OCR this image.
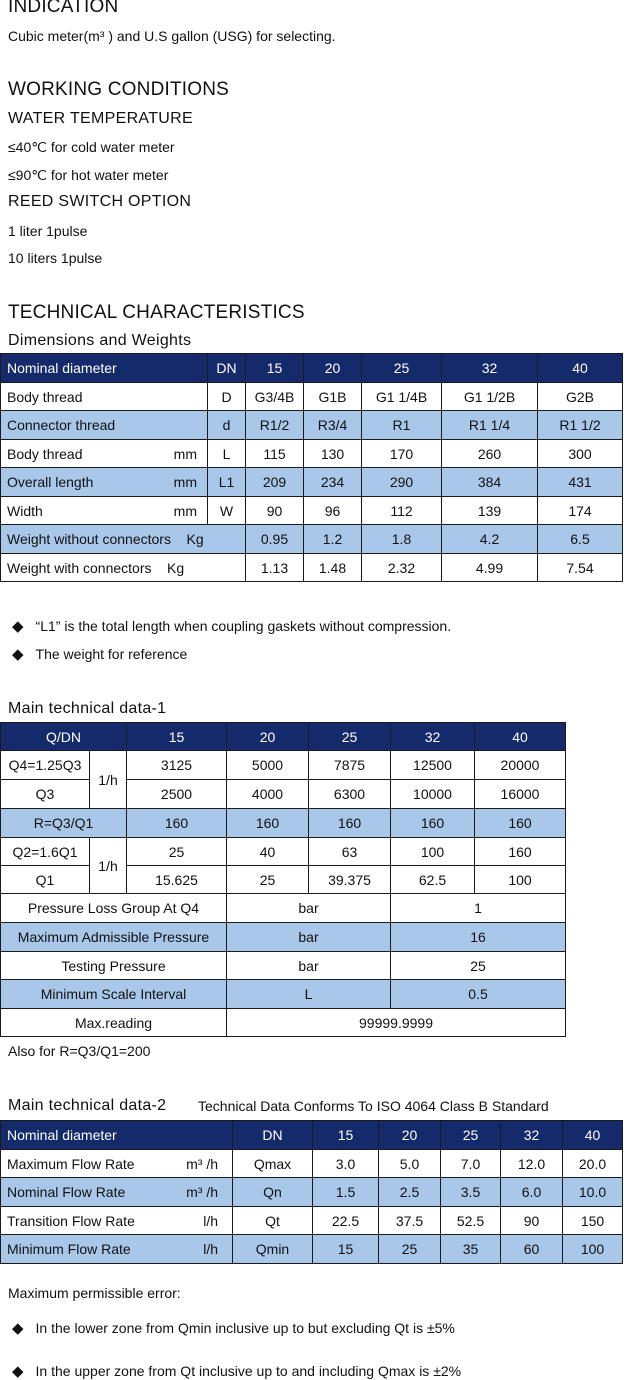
INDICATION
Cubic meter(m³ ) and U.S gallon (USG) for selecting.
WORKING CONDITIONS
WATER TEMPERATURE
≤40℃ for cold water meter
≤90℃ for hot water meter
REED SWITCH OPTION
1 liter 1pulse
10 liters 1pulse
TECHNICAL CHARACTERISTICS
Dimensions and Weights
Nominal diameter	DN	15	20	25	32	40

Body thread	D	G3/4B	G1B	G1 1/4B	G1 1/2B	G2B

Connector thread	d	R1/2	R3/4	R1	R1 1/4	R1 1/2

Body thread mm	L	115	130	170	260	300

Overall length mm	L1	209	234	290	384	431

Width mm	W	90	96	112	139	174
Weight without connectors Kg		0.95	1.2	1.8	4.2	6.5
Weight with connectors Kg		1.13	1.48	2.32	4.99	7.54
◆ “L1” is the total length when coupling gaskets without compression.
◆ The weight for reference
Main technical data-1
Q/DN		15	20	25	32	40
Q4=1.25Q3	1/h	3125	5000	7875	12500	20000
Q3		2500	4000	6300	10000	16000
R=Q3/Q1		160	160	160	160	160
Q2=1.6Q1	1/h	25	40	63	100	160
Q1		15.625	25	39.375	62.5	100
Pressure Loss Group At Q4			bar		1	
Maximum Admissible Pressure			bar		16	
Testing Pressure			bar		25	
Minimum Scale Interval			L		0.5	
Max.reading			99999.9999			
Also for R=Q3/Q1=200
Main technical data-2 Technical Data Conforms To ISO 4064 Class B Standard
Nominal diameter	DN	15	20	25	32	40

Maximum Flow Rate m³ /h	Qmax	3.0	5.0	7.0	12.0	20.0

Nominal Flow Rate m³ /h	Qn	1.5	2.5	3.5	6.0	10.0

Transition Flow Rate l/h	Qt	22.5	37.5	52.5	90	150

Minimum Flow Rate l/h	Qmin	15	25	35	60	100
Maximum permissible error:
◆ In the lower zone from Qmin inclusive up to but excluding Qt is ±5%
◆ In the upper zone from Qt inclusive up to and including Qmax is ±2%
